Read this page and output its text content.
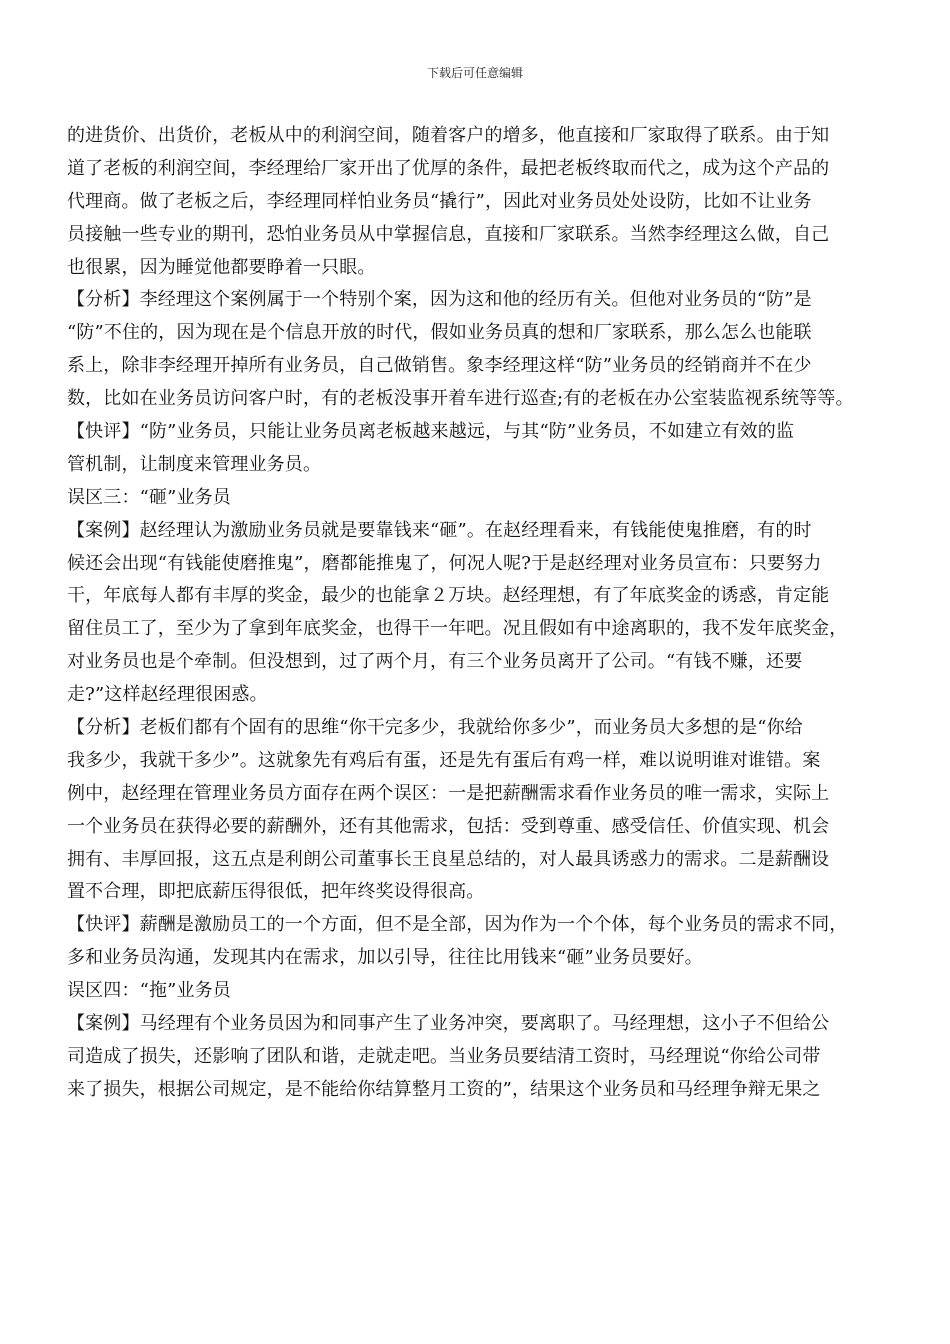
下载后可任意编辑
的进货价、出货价，老板从中的利润空间，随着客户的增多，他直接和厂家取得了联系。由于知
道了老板的利润空间，李经理给厂家开出了优厚的条件，最把老板终取而代之，成为这个产品的
代理商。做了老板之后，李经理同样怕业务员“撬行”，因此对业务员处处设防，比如不让业务
员接触一些专业的期刊，恐怕业务员从中掌握信息，直接和厂家联系。当然李经理这么做，自己
也很累，因为睡觉他都要睁着一只眼。
【分析】李经理这个案例属于一个特别个案，因为这和他的经历有关。但他对业务员的“防”是
“防”不住的，因为现在是个信息开放的时代，假如业务员真的想和厂家联系，那么怎么也能联
系上，除非李经理开掉所有业务员，自己做销售。象李经理这样“防”业务员的经销商并不在少
数，比如在业务员访问客户时，有的老板没事开着车进行巡查;有的老板在办公室装监视系统等等。
【快评】“防”业务员，只能让业务员离老板越来越远，与其“防”业务员，不如建立有效的监
管机制，让制度来管理业务员。
误区三：“砸”业务员
【案例】赵经理认为激励业务员就是要靠钱来“砸”。在赵经理看来，有钱能使鬼推磨，有的时
候还会出现“有钱能使磨推鬼”，磨都能推鬼了，何况人呢?于是赵经理对业务员宣布：只要努力
干，年底每人都有丰厚的奖金，最少的也能拿２万块。赵经理想，有了年底奖金的诱惑，肯定能
留住员工了，至少为了拿到年底奖金，也得干一年吧。况且假如有中途离职的，我不发年底奖金，
对业务员也是个牵制。但没想到，过了两个月，有三个业务员离开了公司。“有钱不赚，还要
走?”这样赵经理很困惑。
【分析】老板们都有个固有的思维“你干完多少，我就给你多少”，而业务员大多想的是“你给
我多少，我就干多少”。这就象先有鸡后有蛋，还是先有蛋后有鸡一样，难以说明谁对谁错。案
例中，赵经理在管理业务员方面存在两个误区：一是把薪酬需求看作业务员的唯一需求，实际上
一个业务员在获得必要的薪酬外，还有其他需求，包括：受到尊重、感受信任、价值实现、机会
拥有、丰厚回报，这五点是利朗公司董事长王良星总结的，对人最具诱惑力的需求。二是薪酬设
置不合理，即把底薪压得很低，把年终奖设得很高。
【快评】薪酬是激励员工的一个方面，但不是全部，因为作为一个个体，每个业务员的需求不同，
多和业务员沟通，发现其内在需求，加以引导，往往比用钱来“砸”业务员要好。
误区四：“拖”业务员
【案例】马经理有个业务员因为和同事产生了业务冲突，要离职了。马经理想，这小子不但给公
司造成了损失，还影响了团队和谐，走就走吧。当业务员要结清工资时，马经理说“你给公司带
来了损失，根据公司规定，是不能给你结算整月工资的”，结果这个业务员和马经理争辩无果之
